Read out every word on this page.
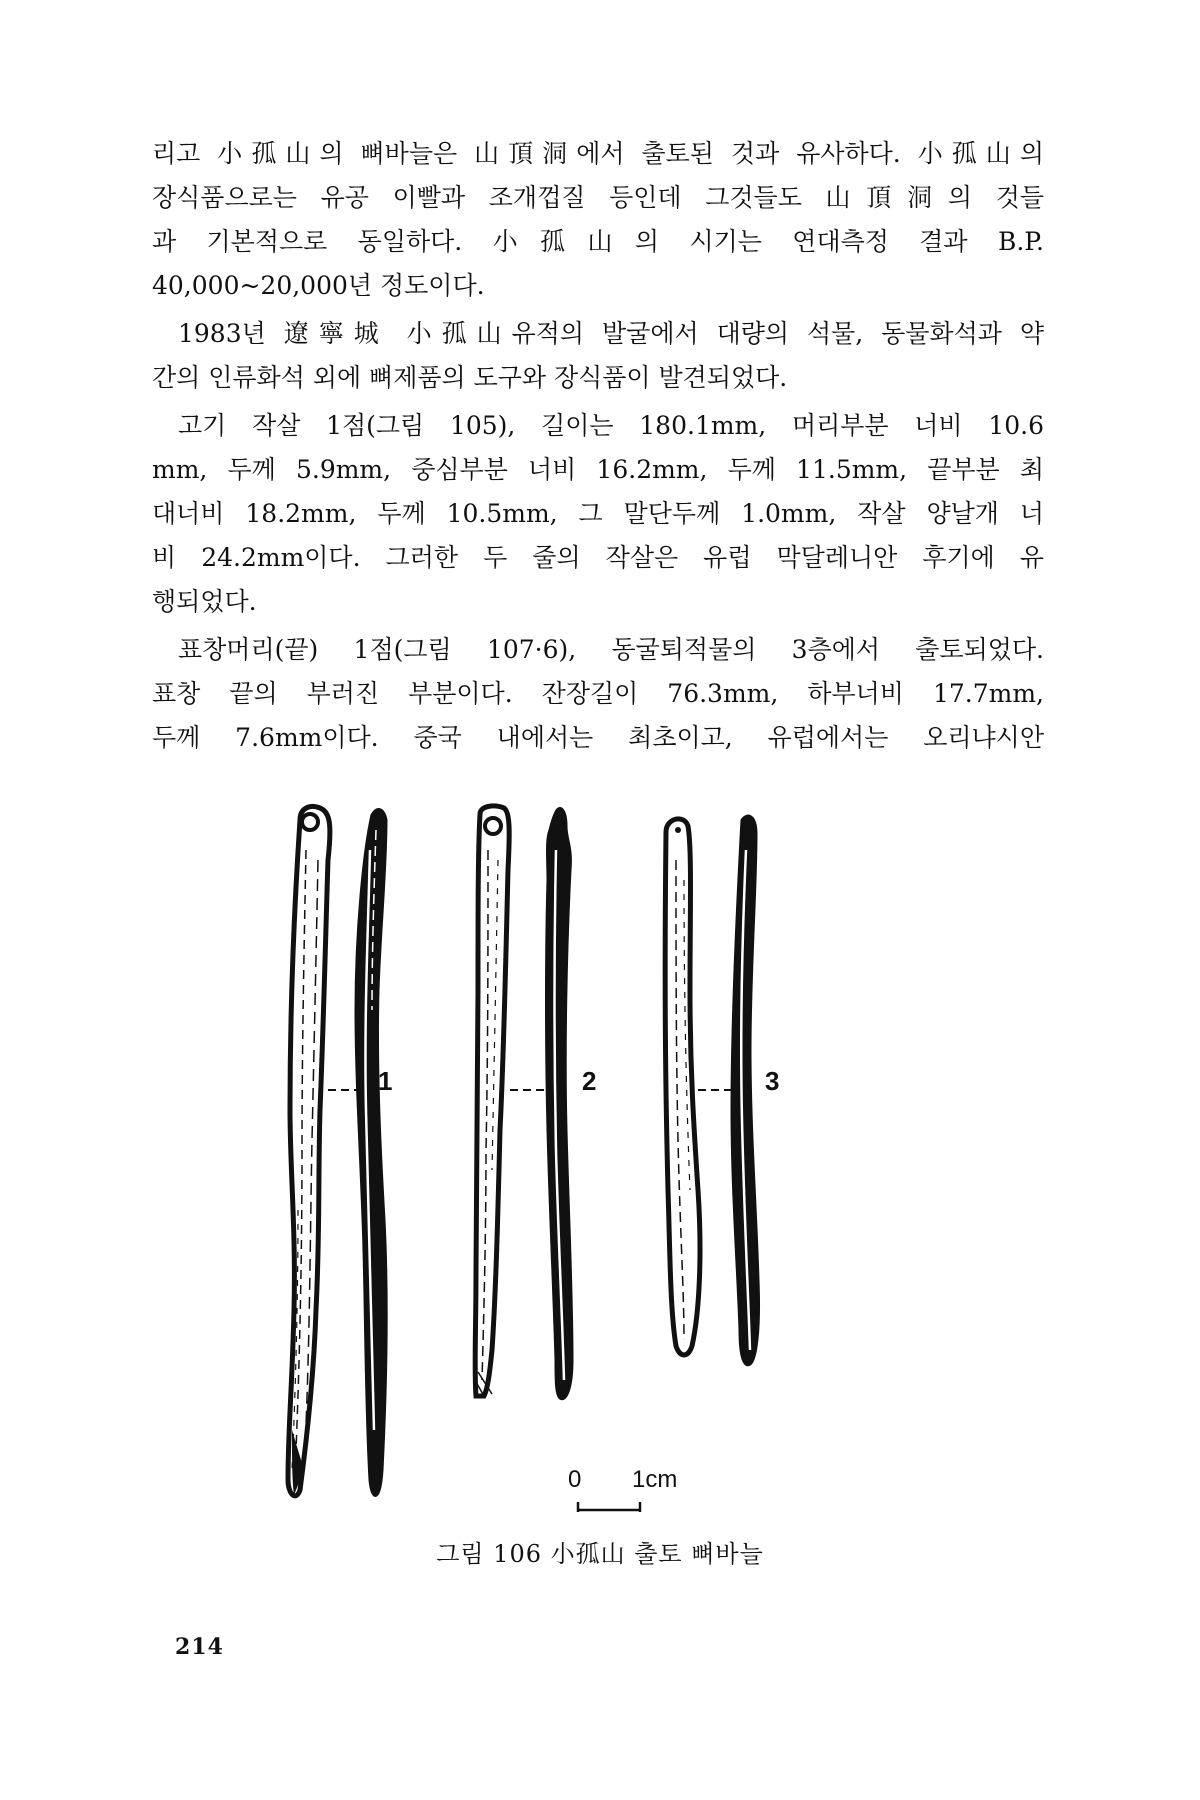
리고 小孤山의 뼈바늘은 山頂洞에서 출토된 것과 유사하다. 小孤山의
장식품으로는 유공 이빨과 조개껍질 등인데 그것들도 山頂洞의 것들
과 기본적으로 동일하다. 小孤山의 시기는 연대측정 결과 B.P.
40,000~20,000년 정도이다.
1983년 遼寧城 小孤山유적의 발굴에서 대량의 석물, 동물화석과 약
간의 인류화석 외에 뼈제품의 도구와 장식품이 발견되었다.
고기 작살 1점(그림 105), 길이는 180.1mm, 머리부분 너비 10.6
mm, 두께 5.9mm, 중심부분 너비 16.2mm, 두께 11.5mm, 끝부분 최
대너비 18.2mm, 두께 10.5mm, 그 말단두께 1.0mm, 작살 양날개 너
비 24.2mm이다. 그러한 두 줄의 작살은 유럽 막달레니안 후기에 유
행되었다.
표창머리(끝) 1점(그림 107·6), 동굴퇴적물의 3층에서 출토되었다.
표창 끝의 부러진 부분이다. 잔장길이 76.3mm, 하부너비 17.7mm,
두께 7.6mm이다. 중국 내에서는 최초이고, 유럽에서는 오리냐시안
1	2	3
0 1cm
그림 106 小孤山 출토 뼈바늘
214
